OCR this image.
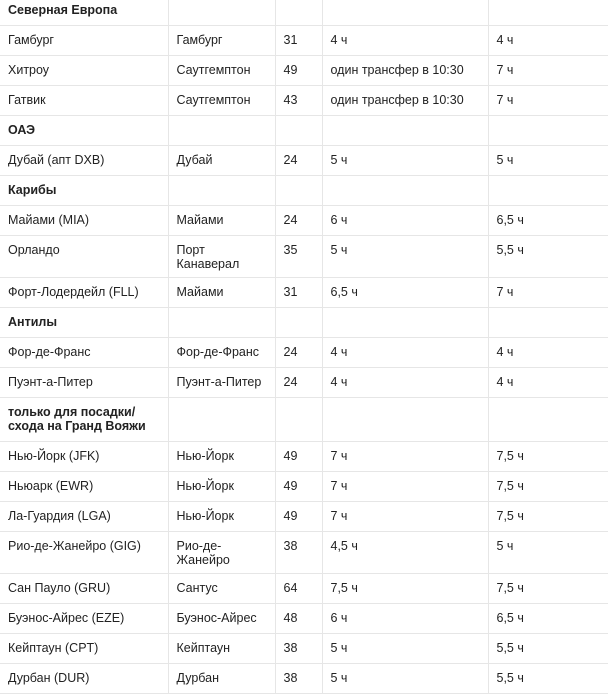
Северная Европа				
Гамбург	Гамбург	31	4 ч	4 ч
Хитроу	Саутгемптон	49	один трансфер в 10:30	7 ч
Гатвик	Саутгемптон	43	один трансфер в 10:30	7 ч
ОАЭ				
Дубай (апт DXB)	Дубай	24	5 ч	5 ч
Карибы				
Майами (MIA)	Майами	24	6 ч	6,5 ч
Орландо	Порт Канаверал	35	5 ч	5,5 ч
Форт-Лодердейл (FLL)	Майами	31	6,5 ч	7 ч
Антилы				
Фор-де-Франс	Фор-де-Франс	24	4 ч	4 ч
Пуэнт-а-Питер	Пуэнт-а-Питер	24	4 ч	4 ч
только для посадки/схода на Гранд Вояжи				
Нью-Йорк (JFK)	Нью-Йорк	49	7 ч	7,5 ч
Ньюарк (EWR)	Нью-Йорк	49	7 ч	7,5 ч
Ла-Гуардия (LGA)	Нью-Йорк	49	7 ч	7,5 ч
Рио-де-Жанейро (GIG)	Рио-де-Жанейро	38	4,5 ч	5 ч
Сан Пауло (GRU)	Сантус	64	7,5 ч	7,5 ч
Буэнос-Айрес (EZE)	Буэнос-Айрес	48	6 ч	6,5 ч
Кейптаун (CPT)	Кейптаун	38	5 ч	5,5 ч
Дурбан (DUR)	Дурбан	38	5 ч	5,5 ч
